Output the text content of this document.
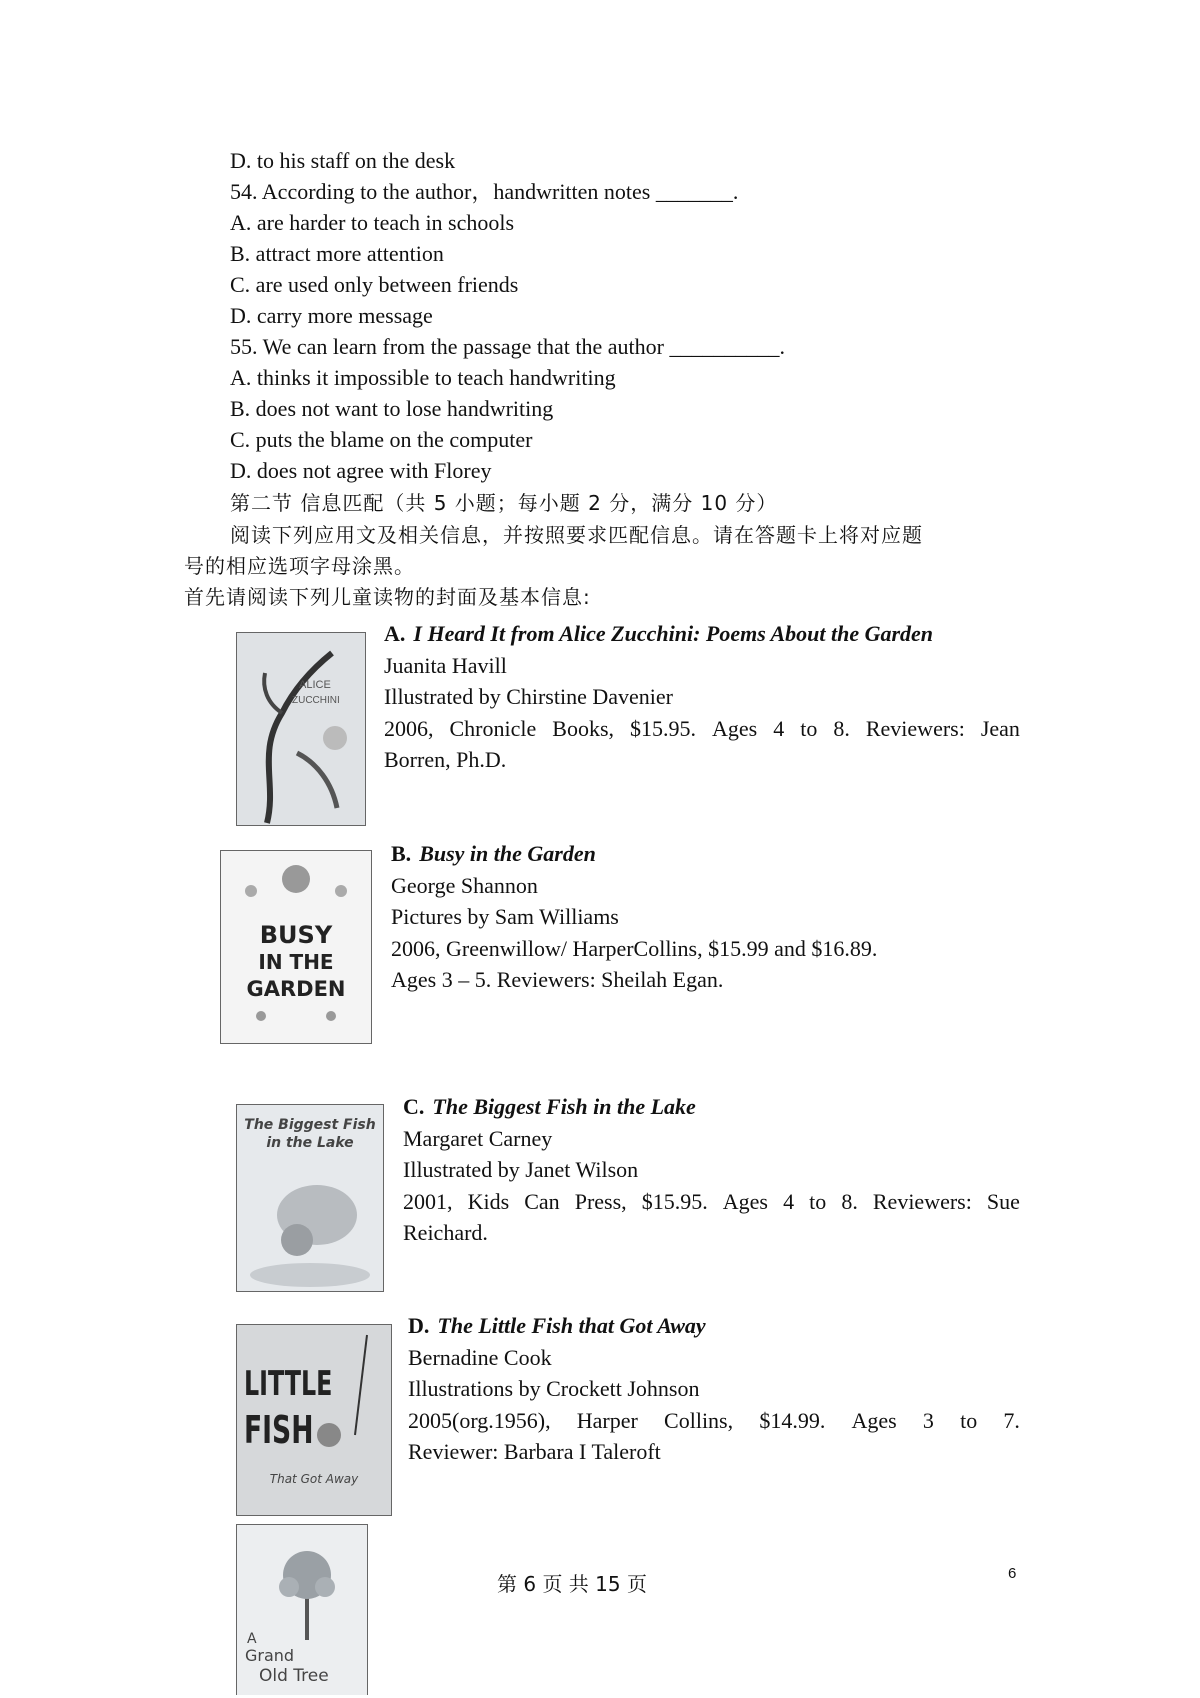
D. to his staff on the desk
54. According to the author，handwritten notes _______.
A. are harder to teach in schools
B. attract more attention
C. are used only between friends
D. carry more message
55. We can learn from the passage that the author __________.
A. thinks it impossible to teach handwriting
B. does not want to lose handwriting
C. puts the blame on the computer
D. does not agree with Florey
第二节 信息匹配（共 5 小题；每小题 2 分，满分 10 分）
阅读下列应用文及相关信息，并按照要求匹配信息。请在答题卡上将对应题
号的相应选项字母涂黑。
首先请阅读下列儿童读物的封面及基本信息:
ALICE
ZUCCHINI
A. I Heard It from Alice Zucchini: Poems About the Garden
Juanita Havill
Illustrated by Chirstine Davenier
2006, Chronicle Books, $15.95. Ages 4 to 8. Reviewers: Jean
Borren, Ph.D.
BUSY
IN THE
GARDEN
B. Busy in the Garden
George Shannon
Pictures by Sam Williams
2006, Greenwillow/ HarperCollins, $15.99 and $16.89.
Ages 3 – 5. Reviewers: Sheilah Egan.
The Biggest Fish
in the Lake
C. The Biggest Fish in the Lake
Margaret Carney
Illustrated by Janet Wilson
2001, Kids Can Press, $15.95. Ages 4 to 8. Reviewers: Sue
Reichard.
LITTLE
FISH
That Got Away
D. The Little Fish that Got Away
Bernadine Cook
Illustrations by Crockett Johnson
2005(org.1956), Harper Collins, $14.99. Ages 3 to 7.
Reviewer: Barbara I Taleroft
A
Grand
Old Tree
第 6 页 共 15 页	6
